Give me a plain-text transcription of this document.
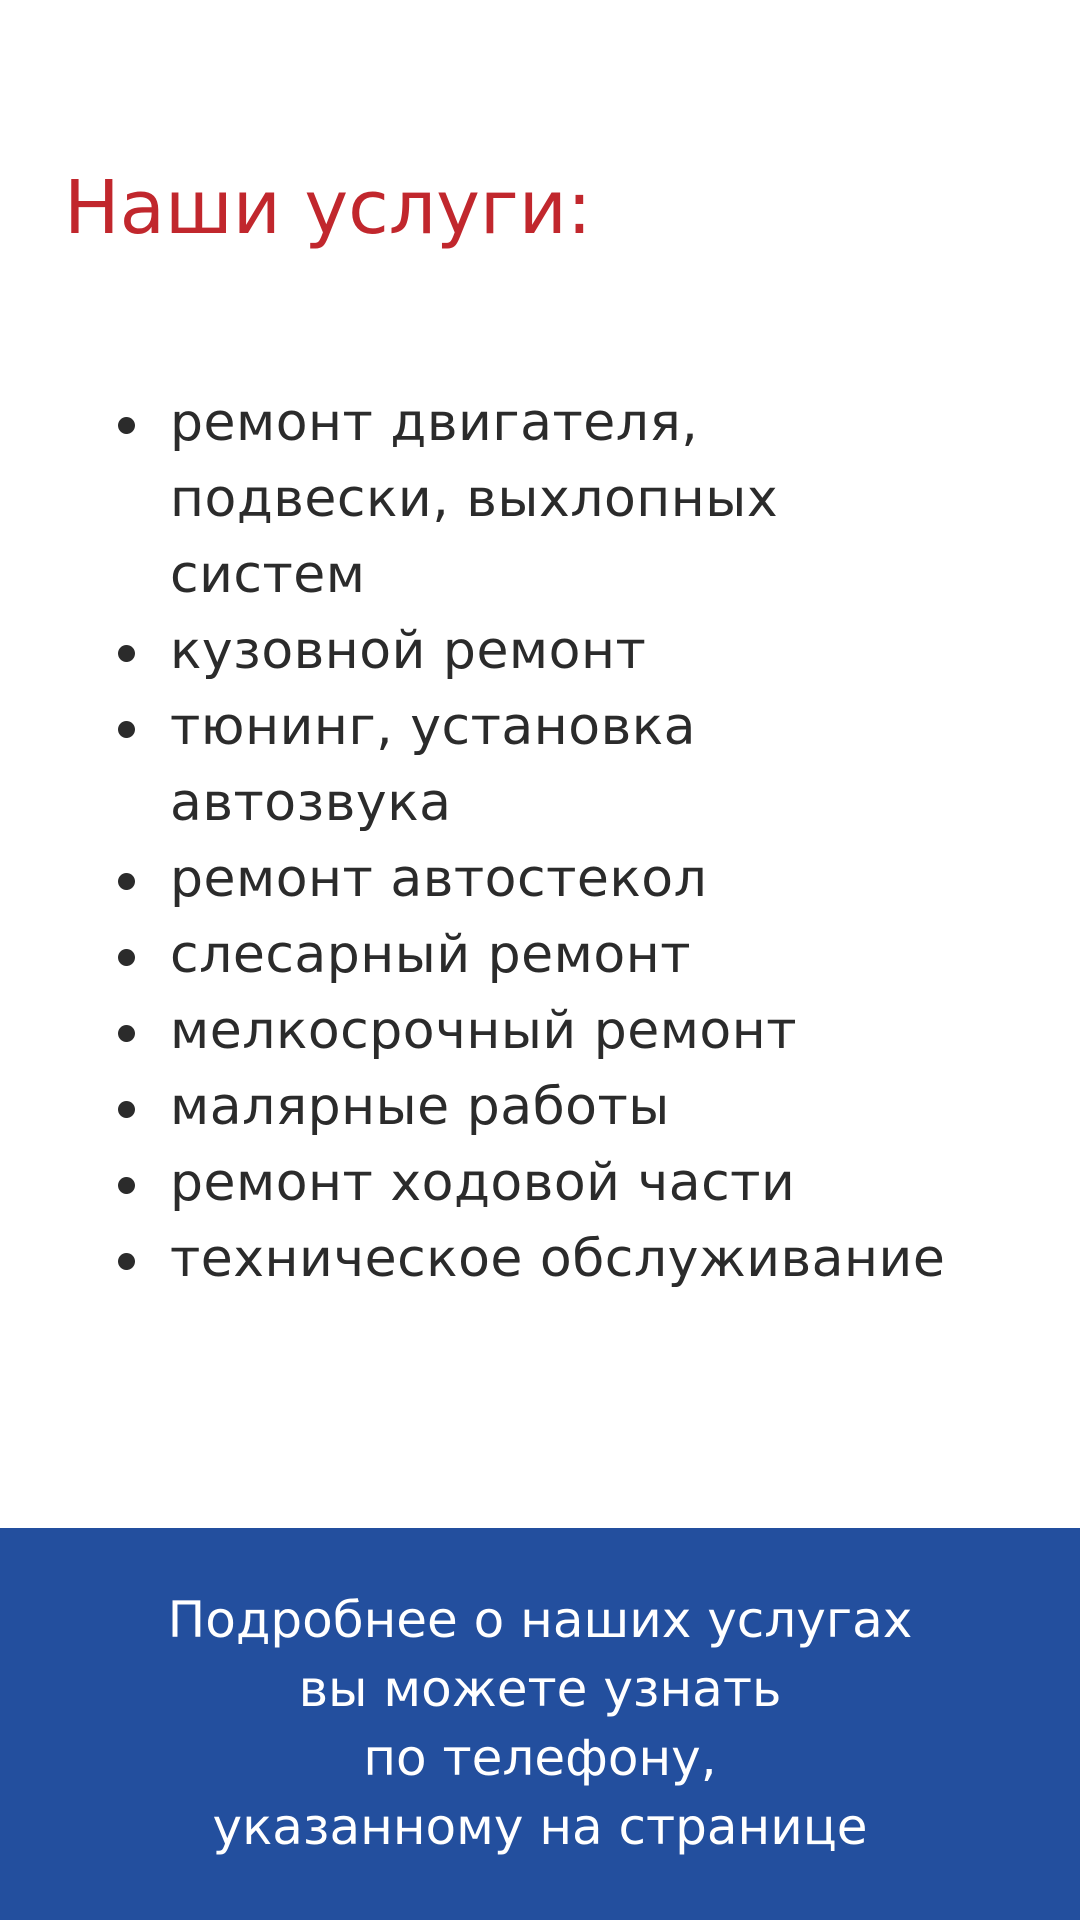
Наши услуги:
ремонт двигателя,
подвески, выхлопных
систем
кузовной ремонт
тюнинг, установка
автозвука
ремонт автостекол
слесарный ремонт
мелкосрочный ремонт
малярные работы
ремонт ходовой части
техническое обслуживание
Подробнее о наших услугах
вы можете узнать
по телефону,
указанному на странице
